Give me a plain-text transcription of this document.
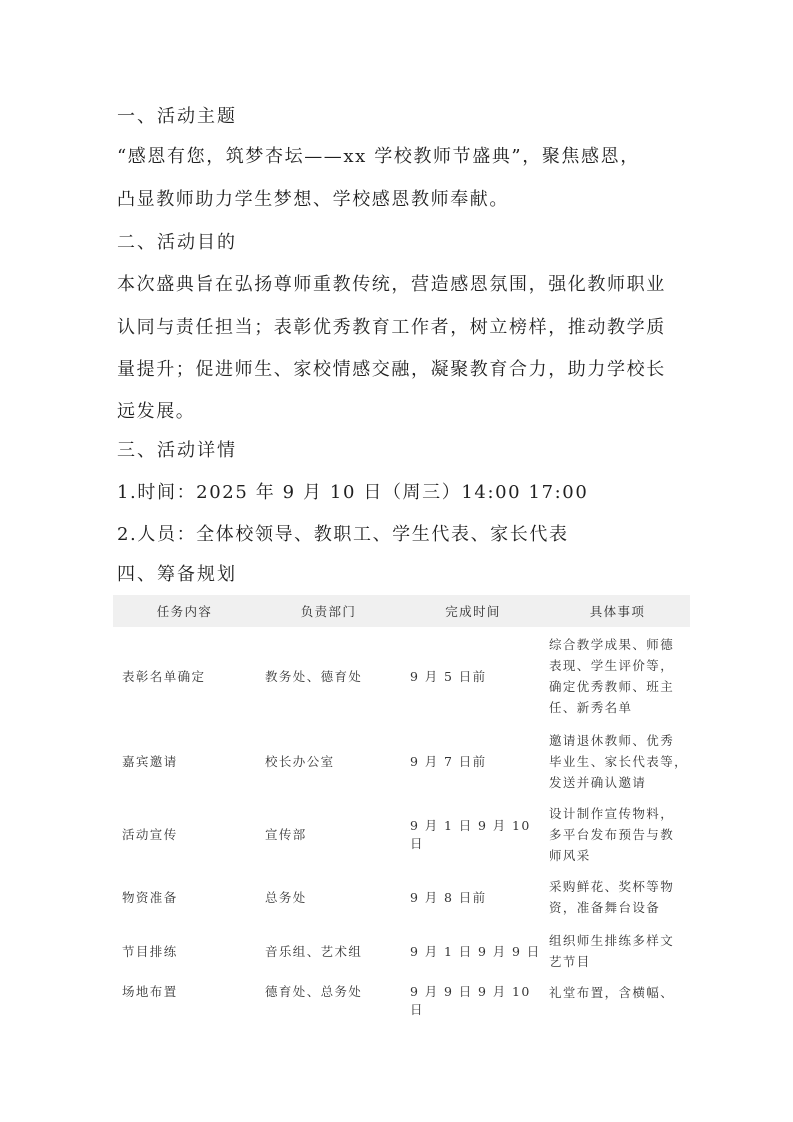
一、活动主题

“感恩有您，筑梦杏坛——xx 学校教师节盛典”，聚焦感恩，

凸显教师助力学生梦想、学校感恩教师奉献。

二、活动目的

本次盛典旨在弘扬尊师重教传统，营造感恩氛围，强化教师职业

认同与责任担当；表彰优秀教育工作者，树立榜样，推动教学质

量提升；促进师生、家校情感交融，凝聚教育合力，助力学校长

远发展。

三、活动详情

1.时间：2025 年 9 月 10 日（周三）14:00 17:00

2.人员：全体校领导、教职工、学生代表、家长代表

四、筹备规划

任务内容	负责部门	完成时间	具体事项
表彰名单确定	教务处、德育处	9 月 5 日前	综合教学成果、师德
表现、学生评价等，
确定优秀教师、班主
任、新秀名单

嘉宾邀请	校长办公室	9 月 7 日前	邀请退休教师、优秀
毕业生、家长代表等，
发送并确认邀请

活动宣传	宣传部	9 月 1 日 9 月 10 日	设计制作宣传物料，
多平台发布预告与教
师风采

物资准备	总务处	9 月 8 日前	采购鲜花、奖杯等物
资，准备舞台设备

节目排练	音乐组、艺术组	9 月 1 日 9 月 9 日	组织师生排练多样文
艺节目

场地布置	德育处、总务处	9 月 9 日 9 月 10 日	礼堂布置，含横幅、
